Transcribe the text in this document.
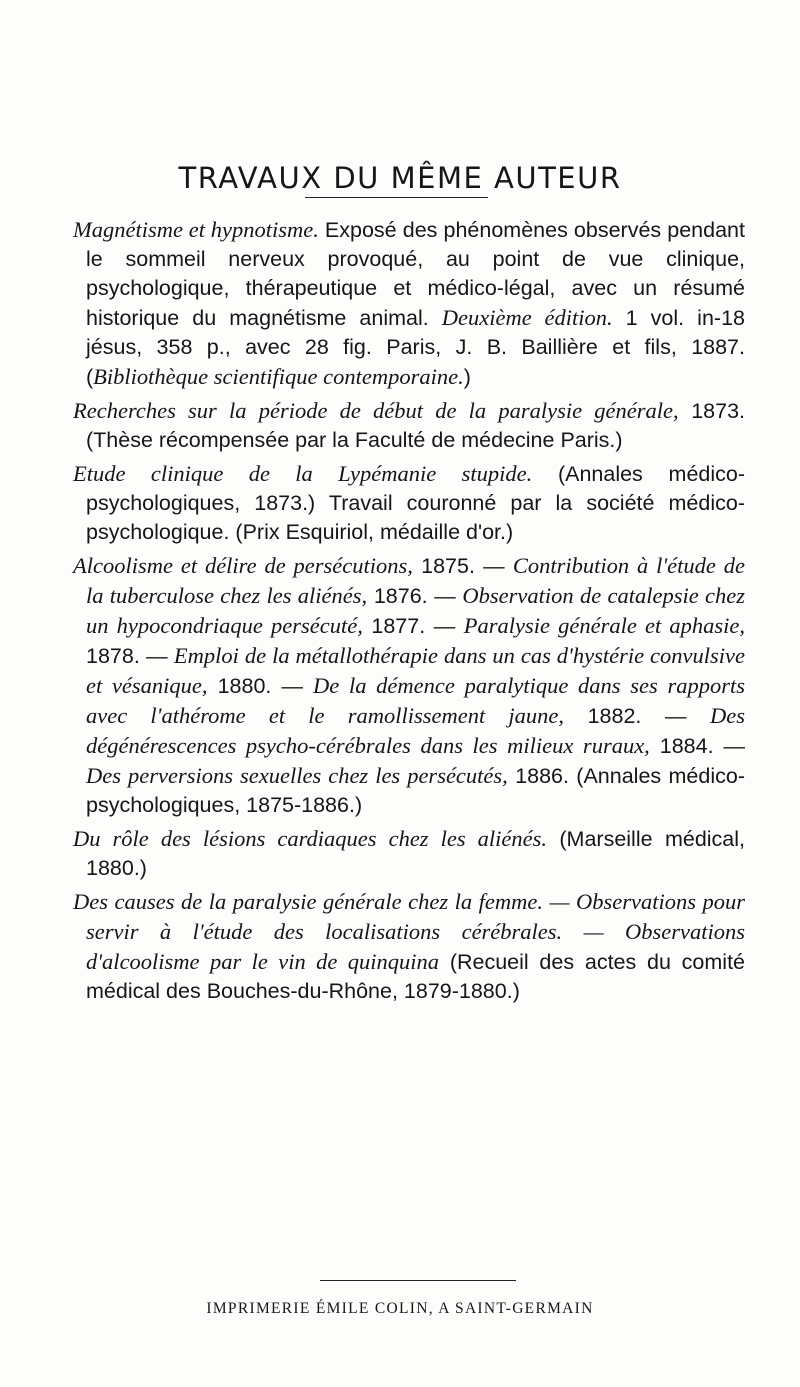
TRAVAUX DU MÊME AUTEUR

Magnétisme et hypnotisme. Exposé des phénomènes observés pendant le sommeil nerveux provoqué, au point de vue clinique, psychologique, thérapeutique et médico-légal, avec un résumé historique du magnétisme animal. Deuxième édition. 1 vol. in-18 jésus, 358 p., avec 28 fig. Paris, J. B. Baillière et fils, 1887. (Bibliothèque scientifique contemporaine.)

Recherches sur la période de début de la paralysie générale, 1873. (Thèse récompensée par la Faculté de médecine Paris.)

Etude clinique de la Lypémanie stupide. (Annales médico-psychologiques, 1873.) Travail couronné par la société médico-psychologique. (Prix Esquiriol, médaille d'or.)

Alcoolisme et délire de persécutions, 1875. — Contribution à l'étude de la tuberculose chez les aliénés, 1876. — Observation de catalepsie chez un hypocondriaque persécuté, 1877. — Paralysie générale et aphasie, 1878. — Emploi de la métallothérapie dans un cas d'hystérie convulsive et vésanique, 1880. — De la démence paralytique dans ses rapports avec l'athérome et le ramollissement jaune, 1882. — Des dégénérescences psycho-cérébrales dans les milieux ruraux, 1884. — Des perversions sexuelles chez les persécutés, 1886. (Annales médico-psychologiques, 1875-1886.)

Du rôle des lésions cardiaques chez les aliénés. (Marseille médical, 1880.)

Des causes de la paralysie générale chez la femme. — Observations pour servir à l'étude des localisations cérébrales. — Observations d'alcoolisme par le vin de quinquina (Recueil des actes du comité médical des Bouches-du-Rhône, 1879-1880.)

IMPRIMERIE ÉMILE COLIN, A SAINT-GERMAIN
